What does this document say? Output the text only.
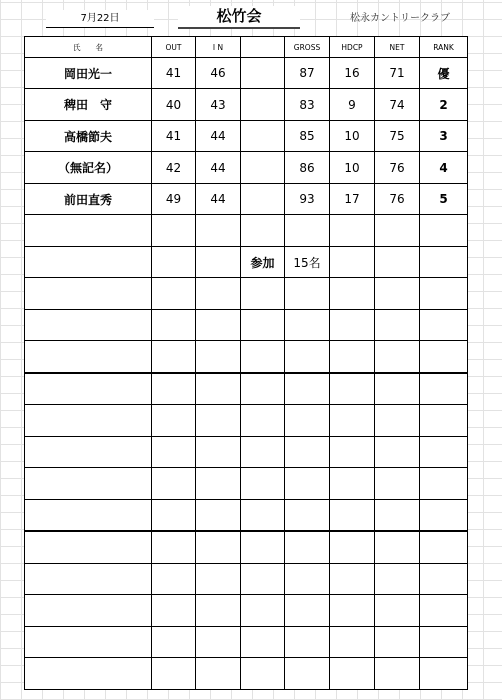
7月22日	松竹会	松永カントリークラブ
氏　　名	OUT	I N		GROSS	HDCP	NET	RANK
岡田光一	41	46		87	16	71	優
稗田　守	40	43		83	9	74	2
高橋節夫	41	44		85	10	75	3
（無記名）	42	44		86	10	76	4
前田直秀	49	44		93	17	76	5

			参加	15名			
